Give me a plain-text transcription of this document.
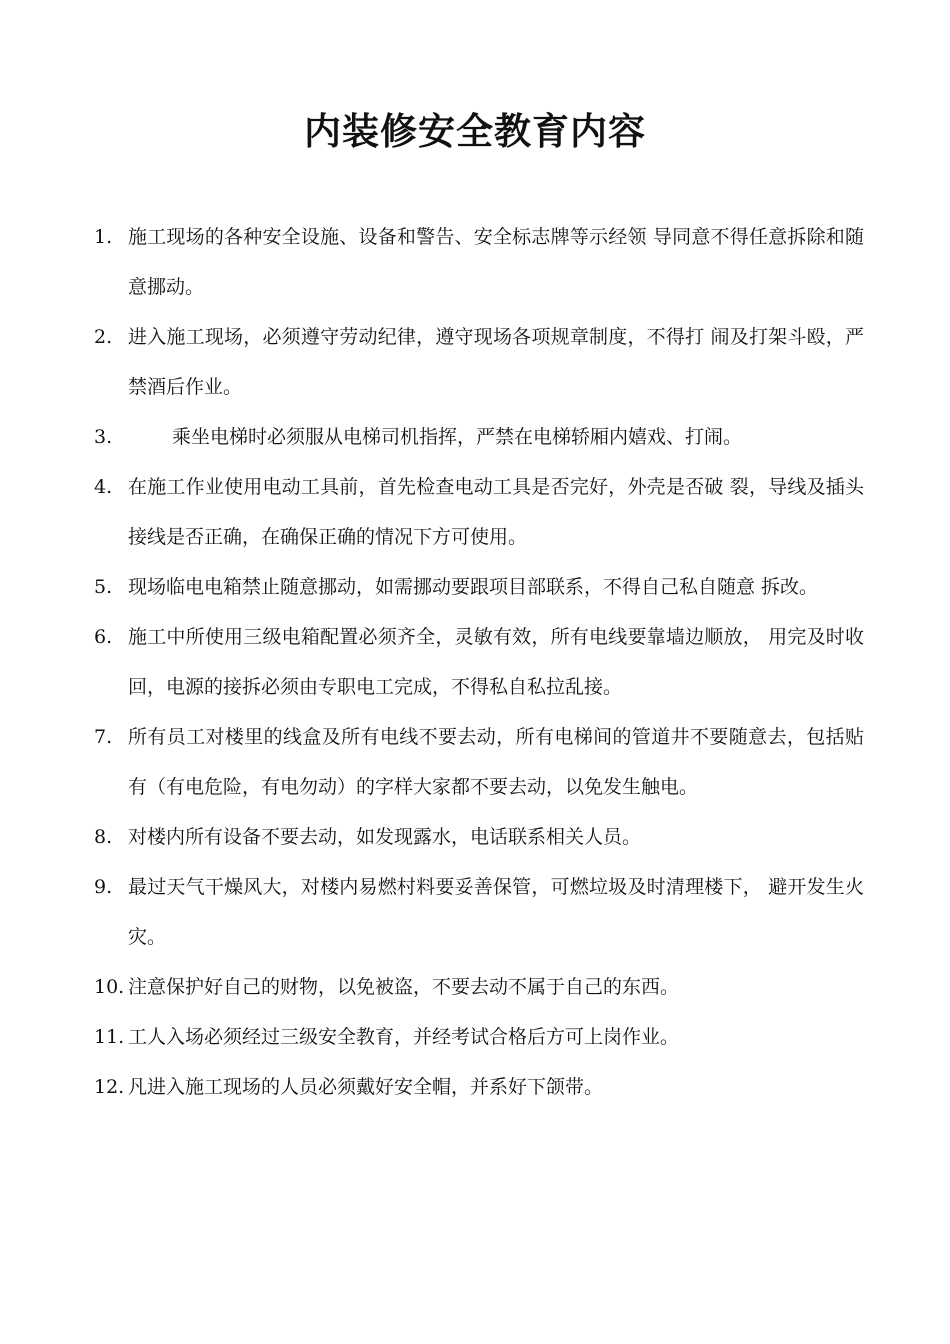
内装修安全教育内容
1. 施工现场的各种安全设施、设备和警告、安全标志牌等示经领 导同意不得任意拆除和随意挪动。
2. 进入施工现场，必须遵守劳动纪律，遵守现场各项规章制度，不得打 闹及打架斗殴，严禁酒后作业。
3.	乘坐电梯时必须服从电梯司机指挥，严禁在电梯轿厢内嬉戏、打闹。
4. 在施工作业使用电动工具前，首先检查电动工具是否完好，外壳是否破 裂，导线及插头接线是否正确，在确保正确的情况下方可使用。
5. 现场临电电箱禁止随意挪动，如需挪动要跟项目部联系，不得自己私自随意 拆改。
6. 施工中所使用三级电箱配置必须齐全，灵敏有效，所有电线要靠墙边顺放， 用完及时收回，电源的接拆必须由专职电工完成，不得私自私拉乱接。
7. 所有员工对楼里的线盒及所有电线不要去动，所有电梯间的管道井不要随意去，包括贴有（有电危险，有电勿动）的字样大家都不要去动，以免发生触电。
8. 对楼内所有设备不要去动，如发现露水，电话联系相关人员。
9. 最过天气干燥风大，对楼内易燃村料要妥善保管，可燃垃圾及时清理楼下， 避开发生火灾。
10. 注意保护好自己的财物，以免被盗，不要去动不属于自己的东西。
11. 工人入场必须经过三级安全教育，并经考试合格后方可上岗作业。
12. 凡进入施工现场的人员必须戴好安全帽，并系好下颌带。
